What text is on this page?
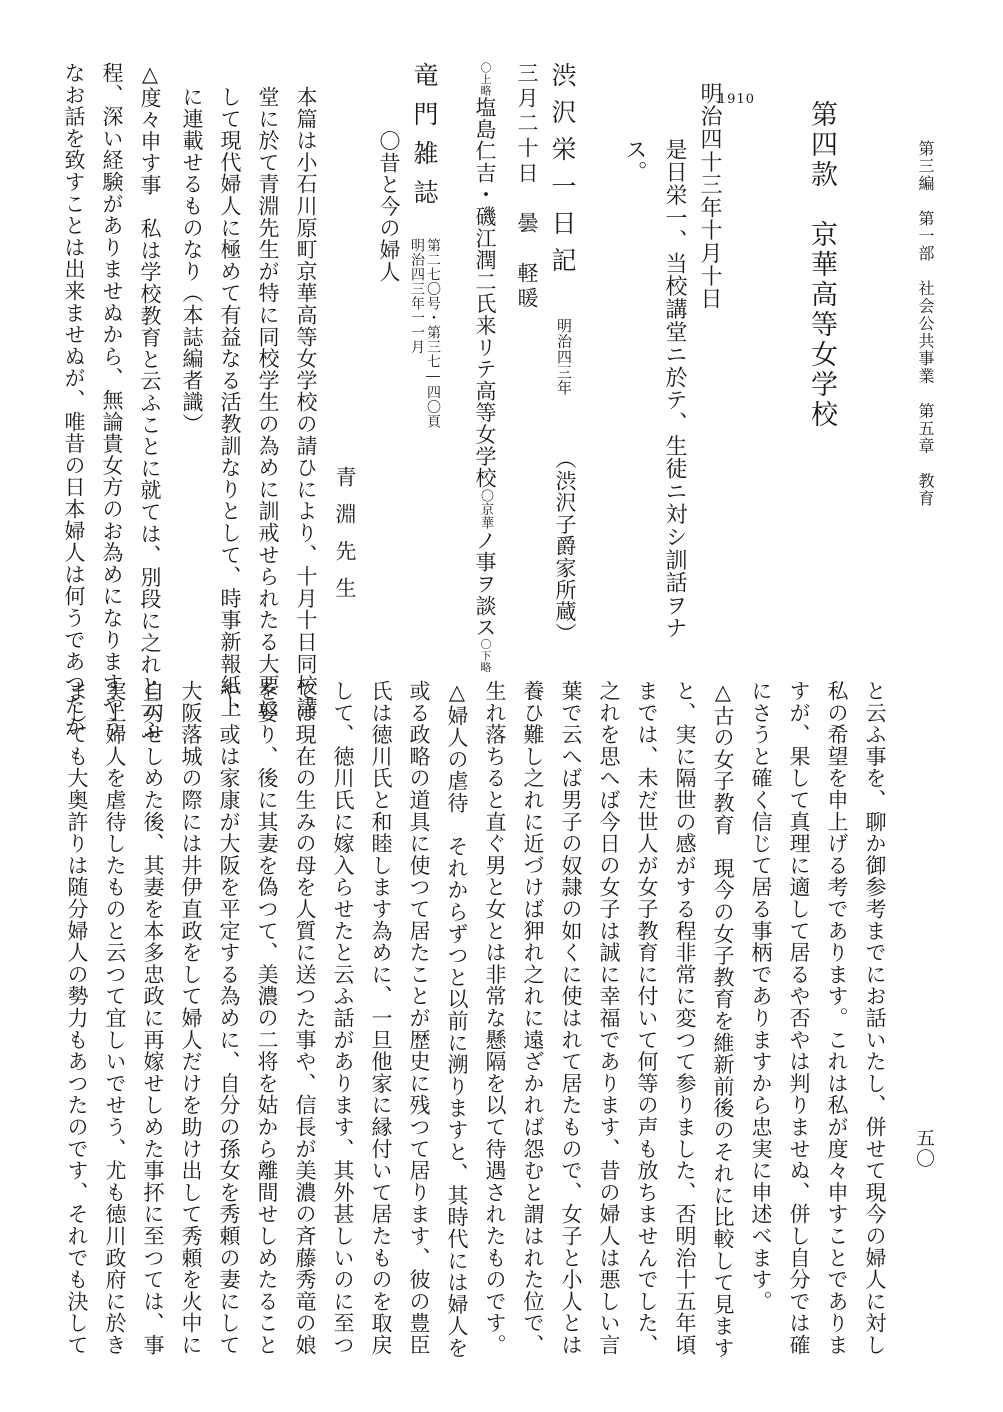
第三編　第一部　社会公共事業　第五章　教育
五〇
第四款　京華高等女学校
1910
明治四十三年十月十日
是日栄一、当校講堂ニ於テ、生徒ニ対シ訓話ヲナ
ス。
渋沢栄一日記
明治四三年
（渋沢子爵家所蔵）
三月二十日　曇　軽暖
〇上略塩島仁吉・磯江潤二氏来リテ高等女学校〇京華ノ事ヲ談ス〇下略
竜門雑誌
第二七〇号・第三七―四〇頁
明治四三年一一月
〇昔と今の婦人
青淵先生
本篇は小石川原町京華高等女学校の請ひにより、十月十日同校講
堂に於て青淵先生が特に同校学生の為めに訓戒せられたる大要に
して現代婦人に極めて有益なる活教訓なりとして、時事新報紙上
に連載せるものなり（本誌編者識）
△度々申す事　私は学校教育と云ふことに就ては、別段に之れと云ふ
程、深い経験がありませぬから、無論貴女方のお為めになりますやう
なお話を致すことは出来ませぬが、唯昔の日本婦人は何うであつたか
と云ふ事を、聊か御参考までにお話いたし、併せて現今の婦人に対し
私の希望を申上げる考であります。これは私が度々申すことでありま
すが、果して真理に適して居るや否やは判りませぬ、併し自分では確
にさうと確く信じて居る事柄でありますから忠実に申述べます。
△古の女子教育　現今の女子教育を維新前後のそれに比較して見ます
と、実に隔世の感がする程非常に変つて参りました、否明治十五年頃
までは、未だ世人が女子教育に付いて何等の声も放ちませんでした、
之れを思へば今日の女子は誠に幸福であります、昔の婦人は悪しい言
葉で云へば男子の奴隷の如くに使はれて居たもので、女子と小人とは
養ひ難し之れに近づけば狎れ之れに遠ざかれば怨むと謂はれた位で、
生れ落ちると直ぐ男と女とは非常な懸隔を以て待遇されたものです。
△婦人の虐待　それからずつと以前に溯りますと、其時代には婦人を
或る政略の道具に使つて居たことが歴史に残つて居ります、彼の豊臣
氏は徳川氏と和睦します為めに、一旦他家に縁付いて居たものを取戻
して、徳川氏に嫁入らせたと云ふ話があります、其外甚しいのに至つ
ては現在の生みの母を人質に送つた事や、信長が美濃の斉藤秀竜の娘
を娶り、後に其妻を偽つて、美濃の二将を姑から離間せしめたること
や、或は家康が大阪を平定する為めに、自分の孫女を秀頼の妻にして
大阪落城の際には井伊直政をして婦人だけを助け出して秀頼を火中に
自刃せしめた後、其妻を本多忠政に再嫁せしめた事抔に至つては、事
実上婦人を虐待したものと云つて宜しいでせう、尤も徳川政府に於き
ましても大奥許りは随分婦人の勢力もあつたのです、それでも決して
